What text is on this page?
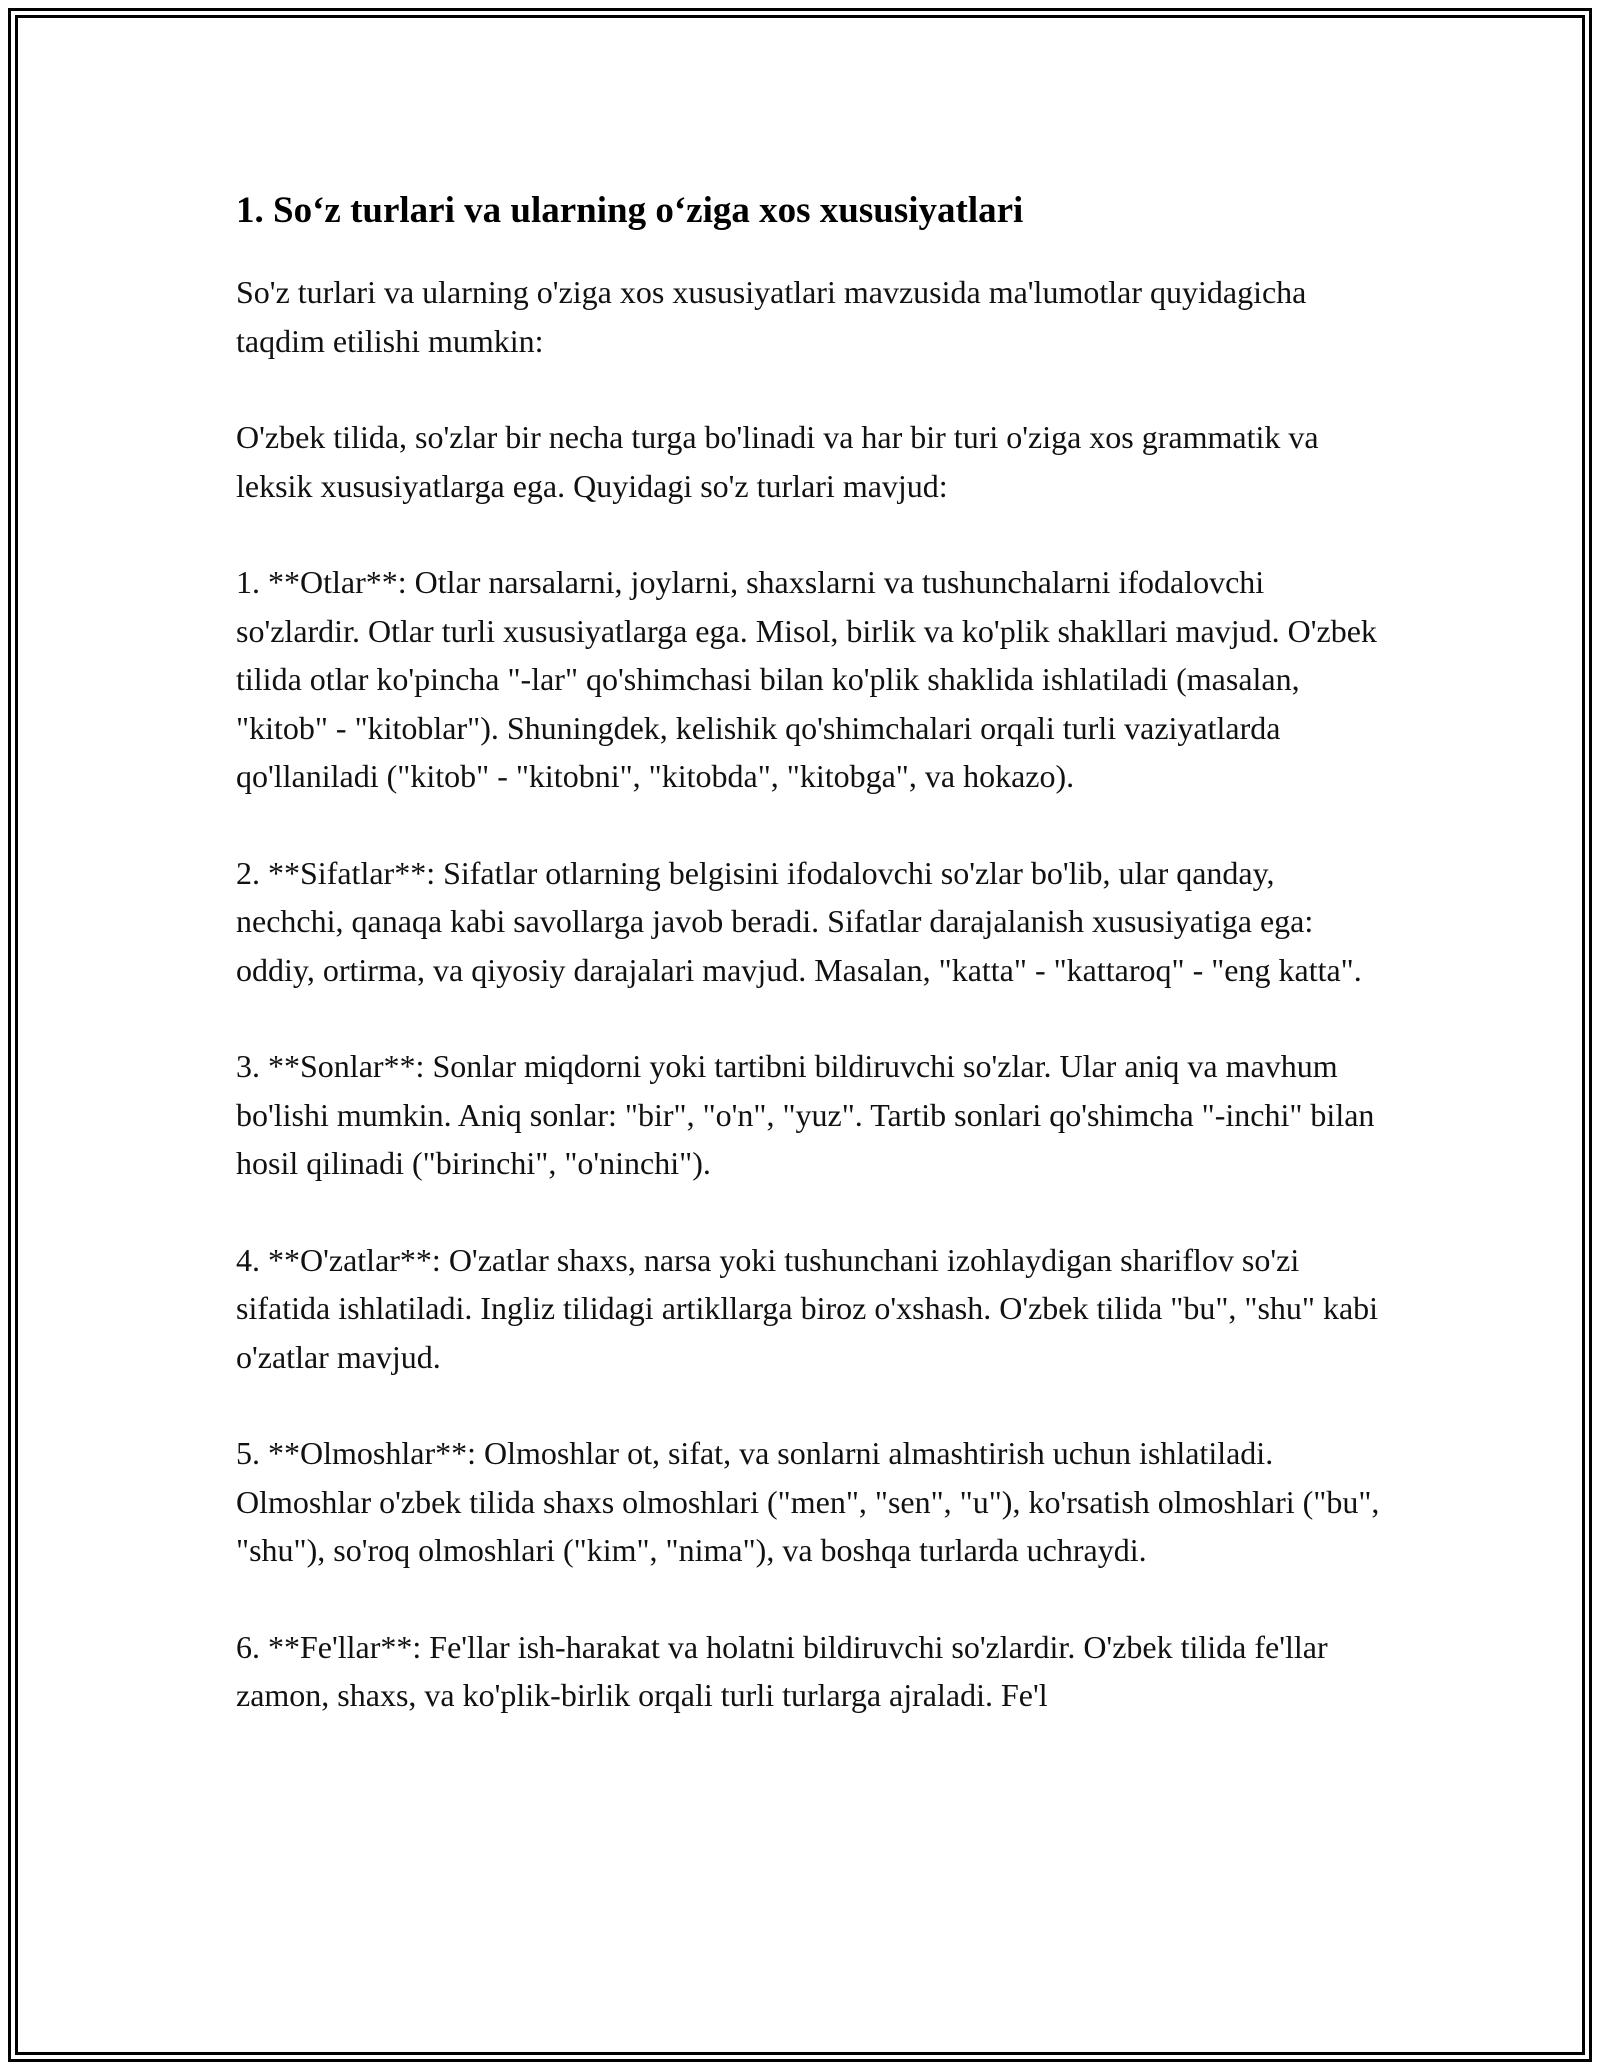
1. So‘z turlari va ularning o‘ziga xos xususiyatlari

So'z turlari va ularning o'ziga xos xususiyatlari mavzusida ma'lumotlar quyidagicha taqdim etilishi mumkin:

O'zbek tilida, so'zlar bir necha turga bo'linadi va har bir turi o'ziga xos grammatik va leksik xususiyatlarga ega. Quyidagi so'z turlari mavjud:

1. **Otlar**: Otlar narsalarni, joylarni, shaxslarni va tushunchalarni ifodalovchi so'zlardir. Otlar turli xususiyatlarga ega. Misol, birlik va ko'plik shakllari mavjud. O'zbek tilida otlar ko'pincha "-lar" qo'shimchasi bilan ko'plik shaklida ishlatiladi (masalan, "kitob" - "kitoblar"). Shuningdek, kelishik qo'shimchalari orqali turli vaziyatlarda qo'llaniladi ("kitob" - "kitobni", "kitobda", "kitobga", va hokazo).

2. **Sifatlar**: Sifatlar otlarning belgisini ifodalovchi so'zlar bo'lib, ular qanday, nechchi, qanaqa kabi savollarga javob beradi. Sifatlar darajalanish xususiyatiga ega: oddiy, ortirma, va qiyosiy darajalari mavjud. Masalan, "katta" - "kattaroq" - "eng katta".

3. **Sonlar**: Sonlar miqdorni yoki tartibni bildiruvchi so'zlar. Ular aniq va mavhum bo'lishi mumkin. Aniq sonlar: "bir", "o'n", "yuz". Tartib sonlari qo'shimcha "-inchi" bilan hosil qilinadi ("birinchi", "o'ninchi").

4. **O'zatlar**: O'zatlar shaxs, narsa yoki tushunchani izohlaydigan shariflov so'zi sifatida ishlatiladi. Ingliz tilidagi artikllarga biroz o'xshash. O'zbek tilida "bu", "shu" kabi o'zatlar mavjud.

5. **Olmoshlar**: Olmoshlar ot, sifat, va sonlarni almashtirish uchun ishlatiladi. Olmoshlar o'zbek tilida shaxs olmoshlari ("men", "sen", "u"), ko'rsatish olmoshlari ("bu", "shu"), so'roq olmoshlari ("kim", "nima"), va boshqa turlarda uchraydi.

6. **Fe'llar**: Fe'llar ish-harakat va holatni bildiruvchi so'zlardir. O'zbek tilida fe'llar zamon, shaxs, va ko'plik-birlik orqali turli turlarga ajraladi. Fe'l
